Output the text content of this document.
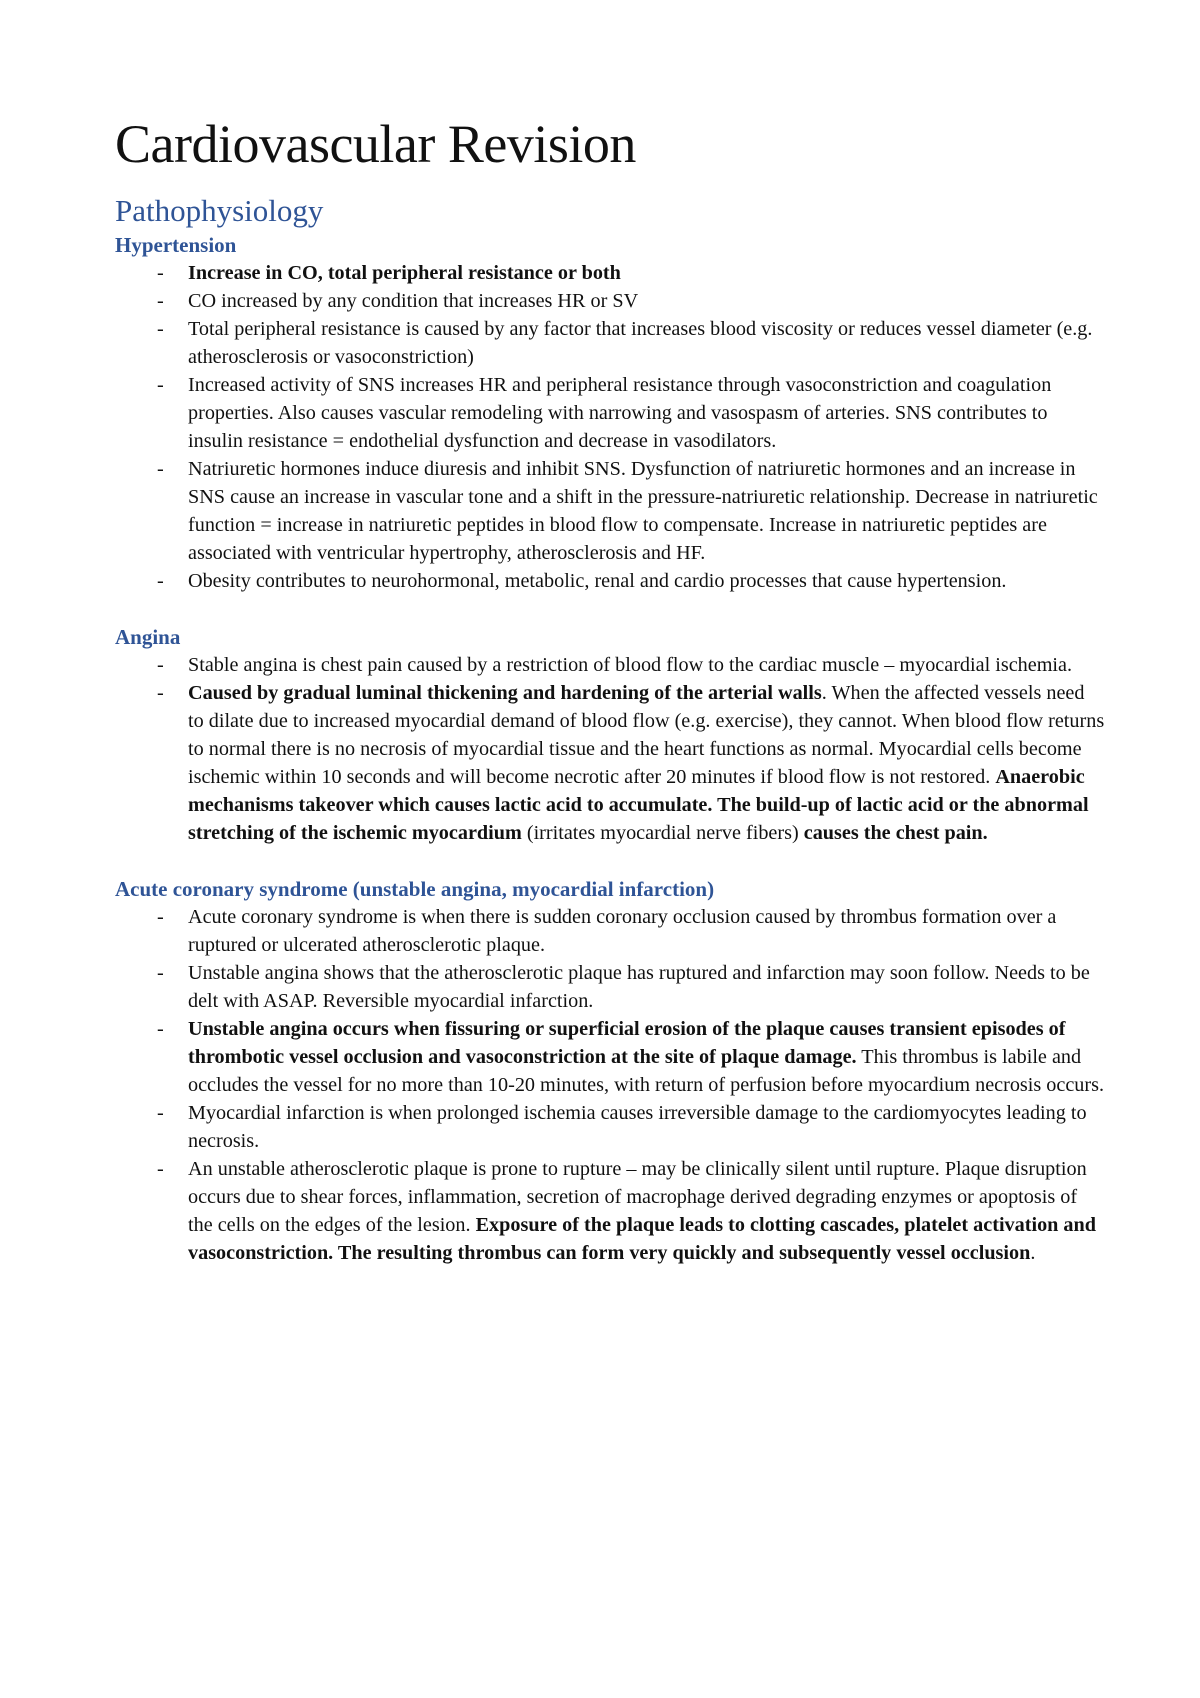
Cardiovascular Revision
Pathophysiology
Hypertension
- Increase in CO, total peripheral resistance or both
- CO increased by any condition that increases HR or SV
- Total peripheral resistance is caused by any factor that increases blood viscosity or reduces vessel diameter (e.g. atherosclerosis or vasoconstriction)
- Increased activity of SNS increases HR and peripheral resistance through vasoconstriction and coagulation properties. Also causes vascular remodeling with narrowing and vasospasm of arteries. SNS contributes to insulin resistance = endothelial dysfunction and decrease in vasodilators.
- Natriuretic hormones induce diuresis and inhibit SNS. Dysfunction of natriuretic hormones and an increase in SNS cause an increase in vascular tone and a shift in the pressure-natriuretic relationship. Decrease in natriuretic function = increase in natriuretic peptides in blood flow to compensate. Increase in natriuretic peptides are associated with ventricular hypertrophy, atherosclerosis and HF.
- Obesity contributes to neurohormonal, metabolic, renal and cardio processes that cause hypertension.
Angina
- Stable angina is chest pain caused by a restriction of blood flow to the cardiac muscle – myocardial ischemia.
- Caused by gradual luminal thickening and hardening of the arterial walls. When the affected vessels need to dilate due to increased myocardial demand of blood flow (e.g. exercise), they cannot. When blood flow returns to normal there is no necrosis of myocardial tissue and the heart functions as normal. Myocardial cells become ischemic within 10 seconds and will become necrotic after 20 minutes if blood flow is not restored. Anaerobic mechanisms takeover which causes lactic acid to accumulate. The build-up of lactic acid or the abnormal stretching of the ischemic myocardium (irritates myocardial nerve fibers) causes the chest pain.
Acute coronary syndrome (unstable angina, myocardial infarction)
- Acute coronary syndrome is when there is sudden coronary occlusion caused by thrombus formation over a ruptured or ulcerated atherosclerotic plaque.
- Unstable angina shows that the atherosclerotic plaque has ruptured and infarction may soon follow. Needs to be delt with ASAP. Reversible myocardial infarction.
- Unstable angina occurs when fissuring or superficial erosion of the plaque causes transient episodes of thrombotic vessel occlusion and vasoconstriction at the site of plaque damage. This thrombus is labile and occludes the vessel for no more than 10-20 minutes, with return of perfusion before myocardium necrosis occurs.
- Myocardial infarction is when prolonged ischemia causes irreversible damage to the cardiomyocytes leading to necrosis.
- An unstable atherosclerotic plaque is prone to rupture – may be clinically silent until rupture. Plaque disruption occurs due to shear forces, inflammation, secretion of macrophage derived degrading enzymes or apoptosis of the cells on the edges of the lesion. Exposure of the plaque leads to clotting cascades, platelet activation and vasoconstriction. The resulting thrombus can form very quickly and subsequently vessel occlusion.
